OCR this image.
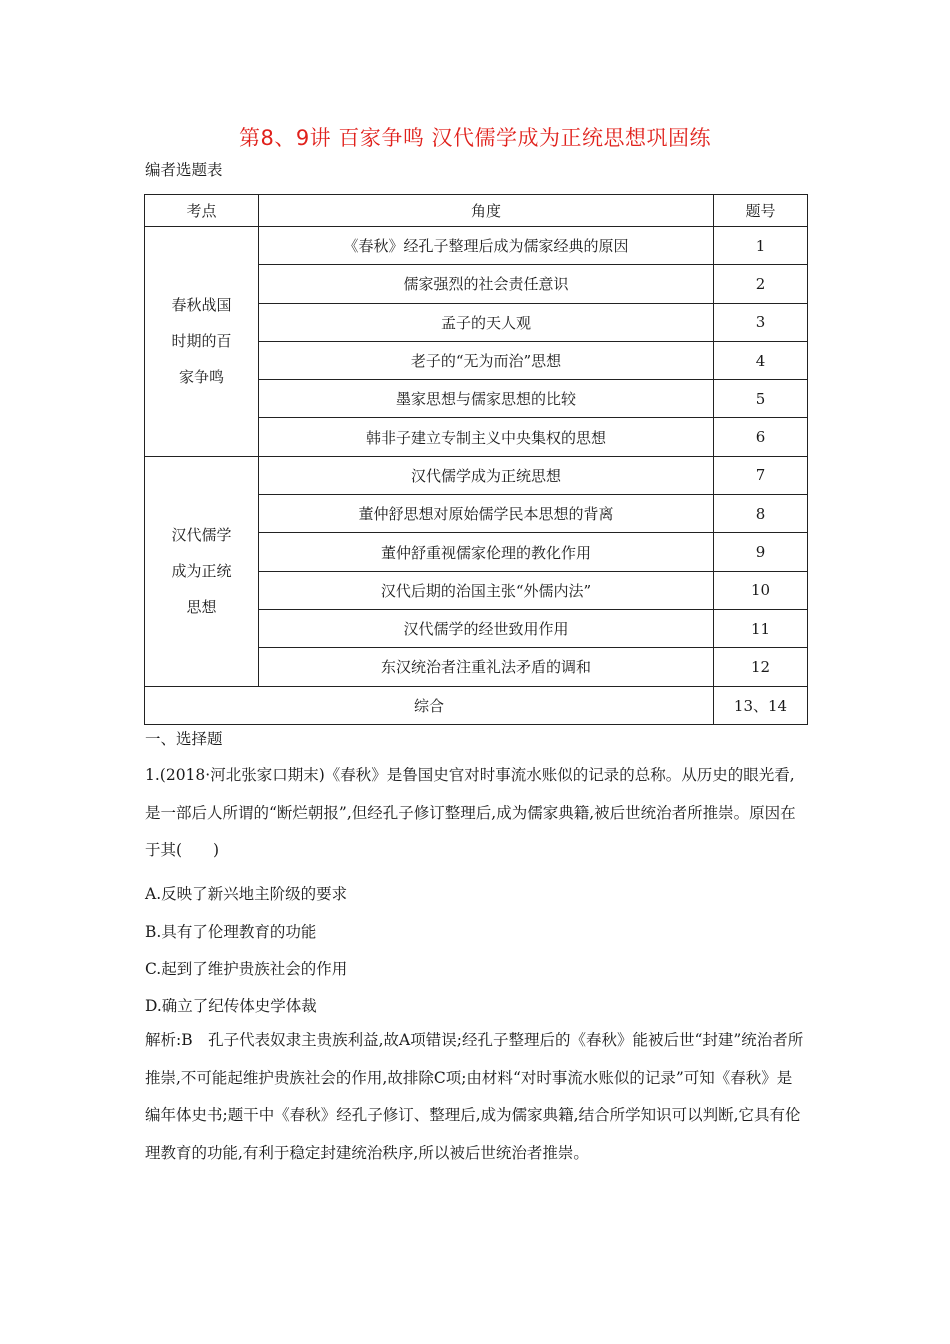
第8、9讲 百家争鸣 汉代儒学成为正统思想巩固练
编者选题表
考点	角度	题号

春秋战国
时期的百
家争鸣	《春秋》经孔子整理后成为儒家经典的原因	1
	儒家强烈的社会责任意识	2
	孟子的天人观	3
	老子的“无为而治”思想	4
	墨家思想与儒家思想的比较	5
	韩非子建立专制主义中央集权的思想	6

汉代儒学
成为正统
思想	汉代儒学成为正统思想	7
	董仲舒思想对原始儒学民本思想的背离	8
	董仲舒重视儒家伦理的教化作用	9
	汉代后期的治国主张“外儒内法”	10
	汉代儒学的经世致用作用	11
	东汉统治者注重礼法矛盾的调和	12
综合		13、14
一、选择题
1.(2018·河北张家口期末)《春秋》是鲁国史官对时事流水账似的记录的总称。从历史的眼光看,是一部后人所谓的“断烂朝报”,但经孔子修订整理后,成为儒家典籍,被后世统治者所推崇。原因在于其(　　)
A.反映了新兴地主阶级的要求
B.具有了伦理教育的功能
C.起到了维护贵族社会的作用
D.确立了纪传体史学体裁
解析:B　孔子代表奴隶主贵族利益,故A项错误;经孔子整理后的《春秋》能被后世“封建”统治者所推崇,不可能起维护贵族社会的作用,故排除C项;由材料“对时事流水账似的记录”可知《春秋》是编年体史书;题干中《春秋》经孔子修订、整理后,成为儒家典籍,结合所学知识可以判断,它具有伦理教育的功能,有利于稳定封建统治秩序,所以被后世统治者推崇。
